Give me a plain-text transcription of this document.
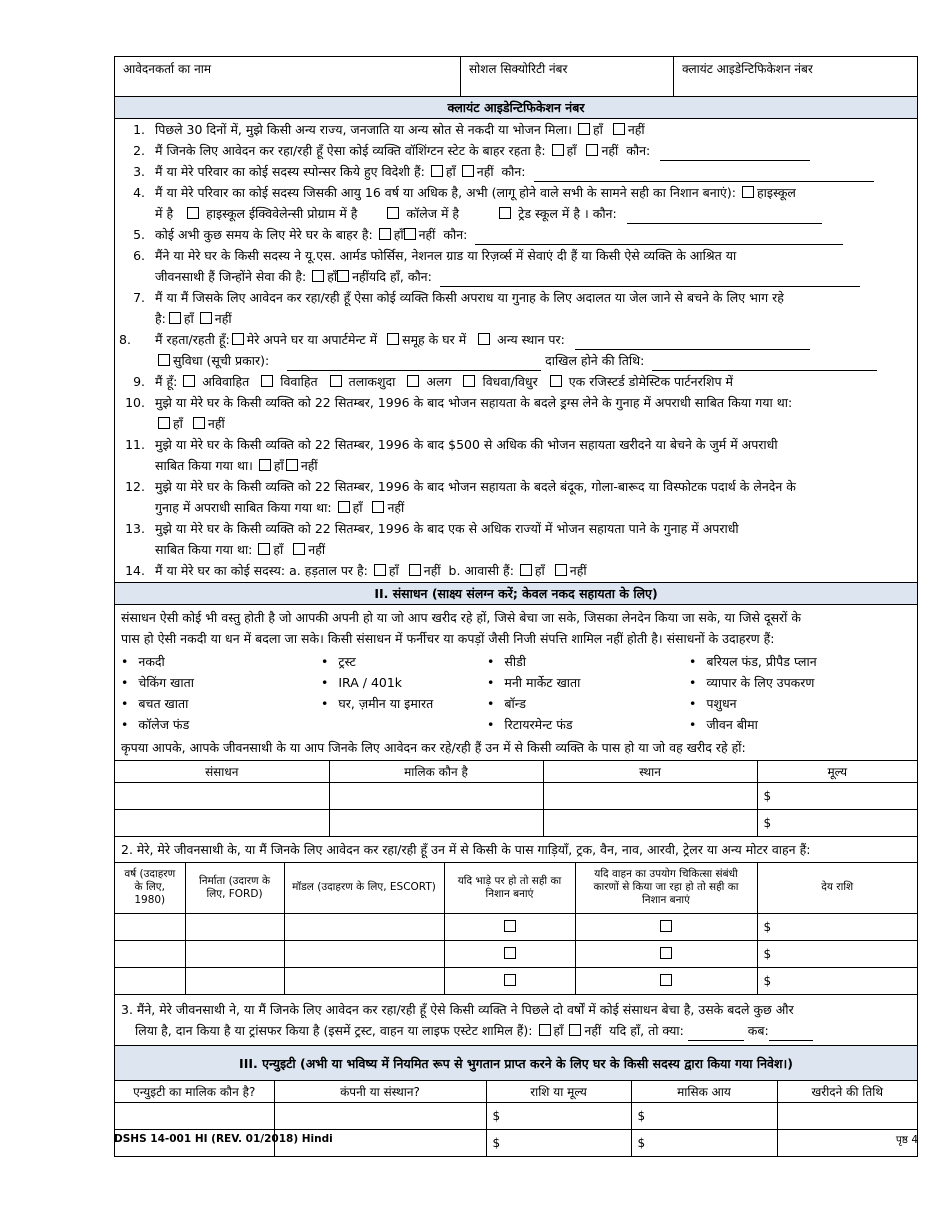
आवेदनकर्ता का नाम	सोशल सिक्योरिटी नंबर	क्लायंट आइडेन्टिफिकेशन नंबर
क्लायंट आइडेन्टिफिकेशन नंबर
1. पिछले 30 दिनों में, मुझे किसी अन्य राज्य, जनजाति या अन्य स्रोत से नकदी या भोजन मिला। हाँ नहीं
2. मैं जिनके लिए आवेदन कर रहा/रही हूँ ऐसा कोई व्यक्ति वॉशिंग्टन स्टेट के बाहर रहता है: हाँ नहीं कौन:
3. मैं या मेरे परिवार का कोई सदस्य स्पोन्सर किये हुए विदेशी हैं: हाँ नहीं कौन:
4. मैं या मेरे परिवार का कोई सदस्य जिसकी आयु 16 वर्ष या अधिक है, अभी (लागू होने वाले सभी के सामने सही का निशान बनाएं): हाइस्कूल
में है	हाइस्कूल ईक्विवेलेन्सी प्रोग्राम में है	कॉलेज में है	ट्रेड स्कूल में है । कौन:
5. कोई अभी कुछ समय के लिए मेरे घर के बाहर है: हाँ नहीं कौन:
6. मैंने या मेरे घर के किसी सदस्य ने यू.एस. आर्मड फोर्सिस, नेशनल ग्राड या रिज़र्व्स में सेवाएं दी हैं या किसी ऐसे व्यक्ति के आश्रित या
जीवनसाथी हैं जिन्होंने सेवा की है: हाँ नहींयदि हाँ, कौन:
7. मैं या मैं जिसके लिए आवेदन कर रहा/रही हूँ ऐसा कोई व्यक्ति किसी अपराध या गुनाह के लिए अदालत या जेल जाने से बचने के लिए भाग रहे
है: हाँ नहीं
8.	मैं रहता/रहती हूँ: मेरे अपने घर या अपार्टमेन्ट में समूह के घर में अन्य स्थान पर:
सुविधा (सूची प्रकार):	दाखिल होने की तिथि:
9. मैं हूँ: अविवाहित विवाहित तलाकशुदा अलग विधवा/विधुर एक रजिस्टर्ड डोमेस्टिक पार्टनरशिप में
10. मुझे या मेरे घर के किसी व्यक्ति को 22 सितम्बर, 1996 के बाद भोजन सहायता के बदले ड्रग्स लेने के गुनाह में अपराधी साबित किया गया था:
हाँ नहीं
11. मुझे या मेरे घर के किसी व्यक्ति को 22 सितम्बर, 1996 के बाद $500 से अधिक की भोजन सहायता खरीदने या बेचने के जुर्म में अपराधी
साबित किया गया था। हाँ नहीं
12. मुझे या मेरे घर के किसी व्यक्ति को 22 सितम्बर, 1996 के बाद भोजन सहायता के बदले बंदूक, गोला-बारूद या विस्फोटक पदार्थ के लेनदेन के
गुनाह में अपराधी साबित किया गया था: हाँ नहीं
13. मुझे या मेरे घर के किसी व्यक्ति को 22 सितम्बर, 1996 के बाद एक से अधिक राज्यों में भोजन सहायता पाने के गुनाह में अपराधी
साबित किया गया था: हाँ नहीं
14. मैं या मेरे घर का कोई सदस्य: a. हड़ताल पर है: हाँ नहीं b. आवासी हैं: हाँ नहीं
II. संसाधन (साक्ष्य संलग्न करें; केवल नकद सहायता के लिए)
संसाधन ऐसी कोई भी वस्तु होती है जो आपकी अपनी हो या जो आप खरीद रहे हों, जिसे बेचा जा सके, जिसका लेनदेन किया जा सके, या जिसे दूसरों के
पास हो ऐसी नकदी या धन में बदला जा सके। किसी संसाधन में फर्नीचर या कपड़ों जैसी निजी संपत्ति शामिल नहीं होती है। संसाधनों के उदाहरण हैं:
• नकदी
• चेकिंग खाता
• बचत खाता
• कॉलेज फंड
• ट्रस्ट
• IRA / 401k
• घर, ज़मीन या इमारत
• सीडी
• मनी मार्केट खाता
• बॉन्ड
• रिटायरमेन्ट फंड
• बरियल फंड, प्रीपैड प्लान
• व्यापार के लिए उपकरण
• पशुधन
• जीवन बीमा
कृपया आपके, आपके जीवनसाथी के या आप जिनके लिए आवेदन कर रहे/रही हैं उन में से किसी व्यक्ति के पास हो या जो वह खरीद रहे हों:
संसाधन	मालिक कौन है	स्थान	मूल्य
			$
			$
2. मेरे, मेरे जीवनसाथी के, या मैं जिनके लिए आवेदन कर रहा/रही हूँ उन में से किसी के पास गाड़ियाँ, ट्रक, वैन, नाव, आरवी, ट्रेलर या अन्य मोटर वाहन हैं:
वर्ष (उदाहरण के लिए, 1980)	निर्माता (उदारण के लिए, FORD)	मॉडल (उदाहरण के लिए, ESCORT)	यदि भाड़े पर हो तो सही का निशान बनाएं	यदि वाहन का उपयोग चिकित्सा संबंधी कारणों से किया जा रहा हो तो सही का निशान बनाएं	देय राशि
					$
					$
					$
3. मैंने, मेरे जीवनसाथी ने, या मैं जिनके लिए आवेदन कर रहा/रही हूँ ऐसे किसी व्यक्ति ने पिछले दो वर्षों में कोई संसाधन बेचा है, उसके बदले कुछ और
लिया है, दान किया है या ट्रांसफर किया है (इसमें ट्रस्ट, वाहन या लाइफ एस्टेट शामिल हैं): हाँ नहीं यदि हाँ, तो क्या:	कब:
III. एन्युइटी (अभी या भविष्य में नियमित रूप से भुगतान प्राप्त करने के लिए घर के किसी सदस्य द्वारा किया गया निवेश।)
एन्युइटी का मालिक कौन है?	कंपनी या संस्थान?	राशि या मूल्य	मासिक आय	खरीदने की तिथि
		$	$	
		$	$	
DSHS 14-001 HI (REV. 01/2018) Hindi	पृष्ठ 4
